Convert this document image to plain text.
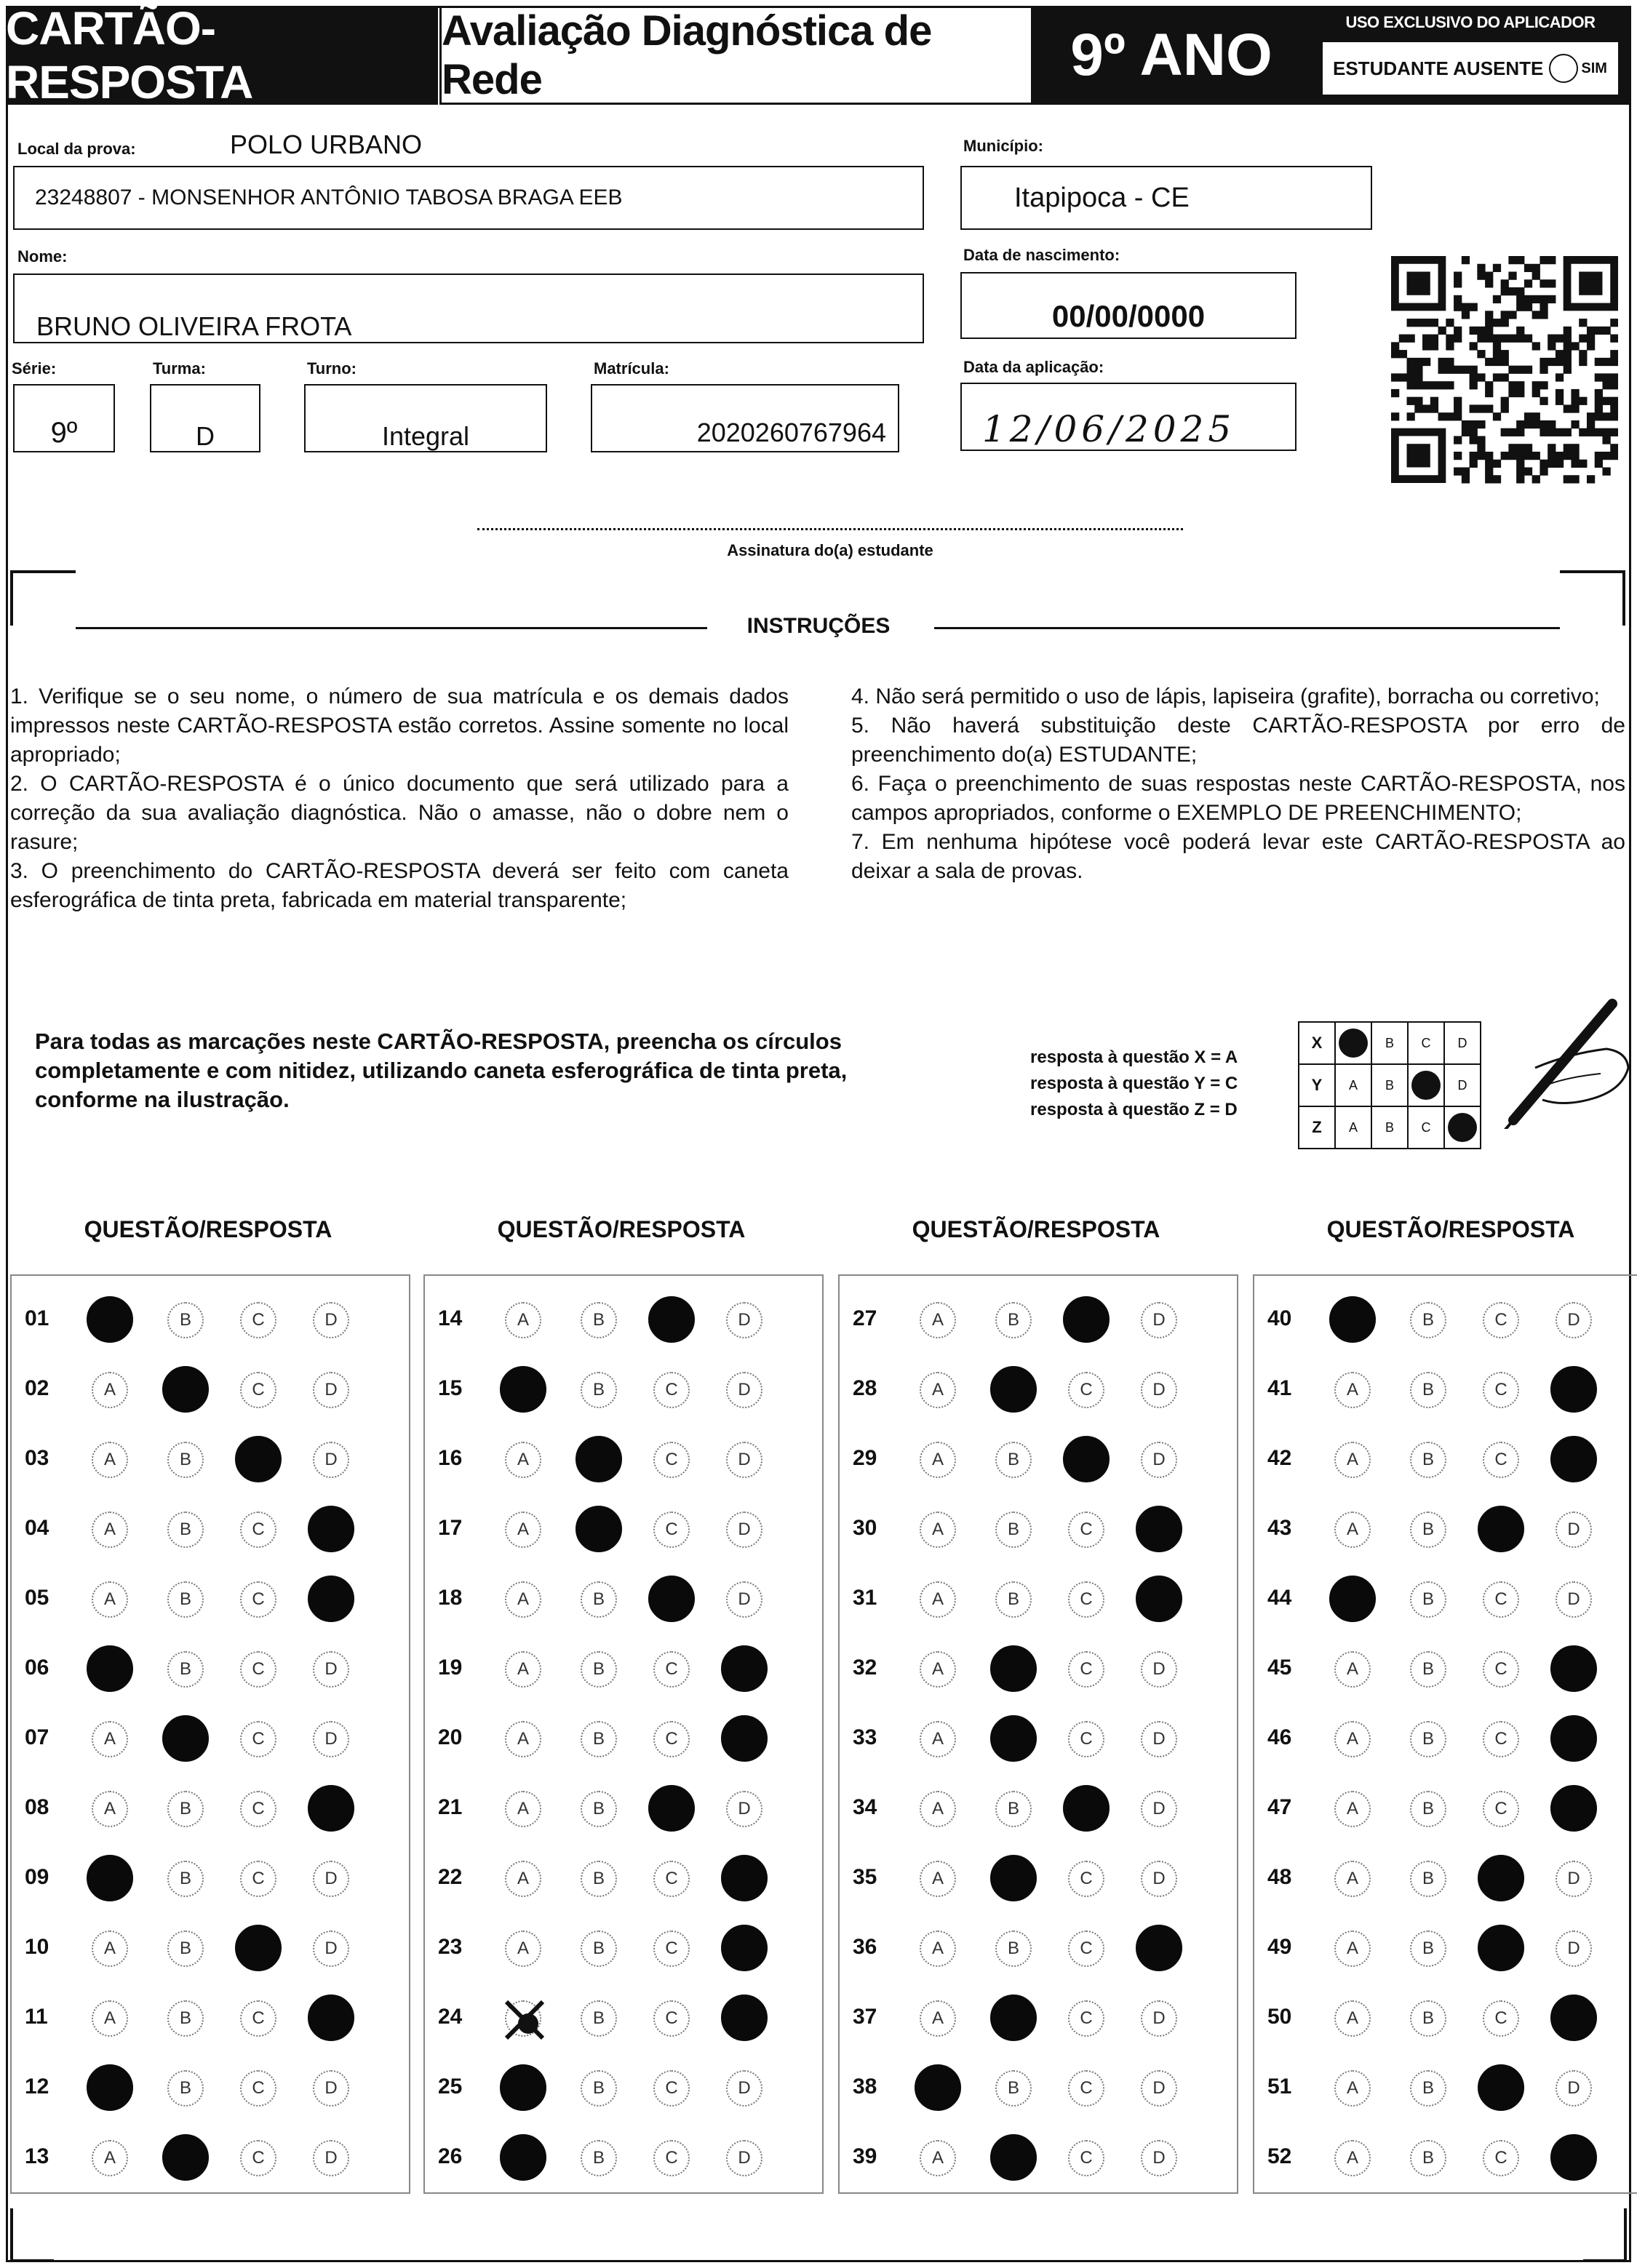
CARTÃO-RESPOSTA
Avaliação Diagnóstica de Rede	9º ANO	USO EXCLUSIVO DO APLICADOR
ESTUDANTE AUSENTE	SIM
Local da prova:	POLO URBANO
23248807 - MONSENHOR ANTÔNIO TABOSA BRAGA EEB
Município:
Itapipoca - CE
Nome:
BRUNO OLIVEIRA FROTA
Data de nascimento:
00/00/0000
Série:
9º
Turma:
D
Turno:
Integral
Matrícula:
2020260767964
Data da aplicação:
12/06/2025
Assinatura do(a) estudante
INSTRUÇÕES

1. Verifique se o seu nome, o número de sua matrícula e os demais dados impressos neste CARTÃO-RESPOSTA estão corretos. Assine somente no local apropriado;

2. O CARTÃO-RESPOSTA é o único documento que será utilizado para a correção da sua avaliação diagnóstica. Não o amasse, não o dobre nem o rasure;

3. O preenchimento do CARTÃO-RESPOSTA deverá ser feito com caneta esferográfica de tinta preta, fabricada em material transparente;

4. Não será permitido o uso de lápis, lapiseira (grafite), borracha ou corretivo;

5. Não haverá substituição deste CARTÃO-RESPOSTA por erro de preenchimento do(a) ESTUDANTE;

6. Faça o preenchimento de suas respostas neste CARTÃO-RESPOSTA, nos campos apropriados, conforme o EXEMPLO DE PREENCHIMENTO;

7. Em nenhuma hipótese você poderá levar este CARTÃO-RESPOSTA ao deixar a sala de provas.

Para todas as marcações neste CARTÃO-RESPOSTA, preencha os círculos completamente e com nitidez, utilizando caneta esferográfica de tinta preta, conforme na ilustração.
resposta à questão X = A
resposta à questão Y = C
resposta à questão Z = D
X		B	C	D
Y	A	B		D
Z	A	B	C	
QUESTÃO/RESPOSTA
01	B	C	D
02	A	C	D
03	A	B	D
04	A	B	C
05	A	B	C
06	B	C	D
07	A	C	D
08	A	B	C
09	B	C	D
10	A	B	D
11	A	B	C
12	B	C	D
13	A	C	D
QUESTÃO/RESPOSTA
14	A	B	D
15	B	C	D
16	A	C	D
17	A	C	D
18	A	B	D
19	A	B	C
20	A	B	C
21	A	B	D
22	A	B	C
23	A	B	C
24	B	C
25	B	C	D
26	B	C	D
QUESTÃO/RESPOSTA
27	A	B	D
28	A	C	D
29	A	B	D
30	A	B	C
31	A	B	C
32	A	C	D
33	A	C	D
34	A	B	D
35	A	C	D
36	A	B	C
37	A	C	D
38	B	C	D
39	A	C	D
QUESTÃO/RESPOSTA
40	B	C	D
41	A	B	C
42	A	B	C
43	A	B	D
44	B	C	D
45	A	B	C
46	A	B	C
47	A	B	C
48	A	B	D
49	A	B	D
50	A	B	C
51	A	B	D
52	A	B	C
